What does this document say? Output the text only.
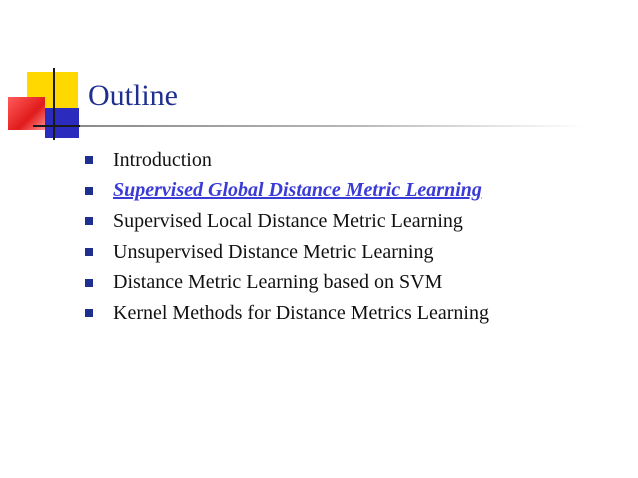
Outline
Introduction
Supervised Global Distance Metric Learning
Supervised Local Distance Metric Learning
Unsupervised Distance Metric Learning
Distance Metric Learning based on SVM
Kernel Methods for Distance Metrics Learning
